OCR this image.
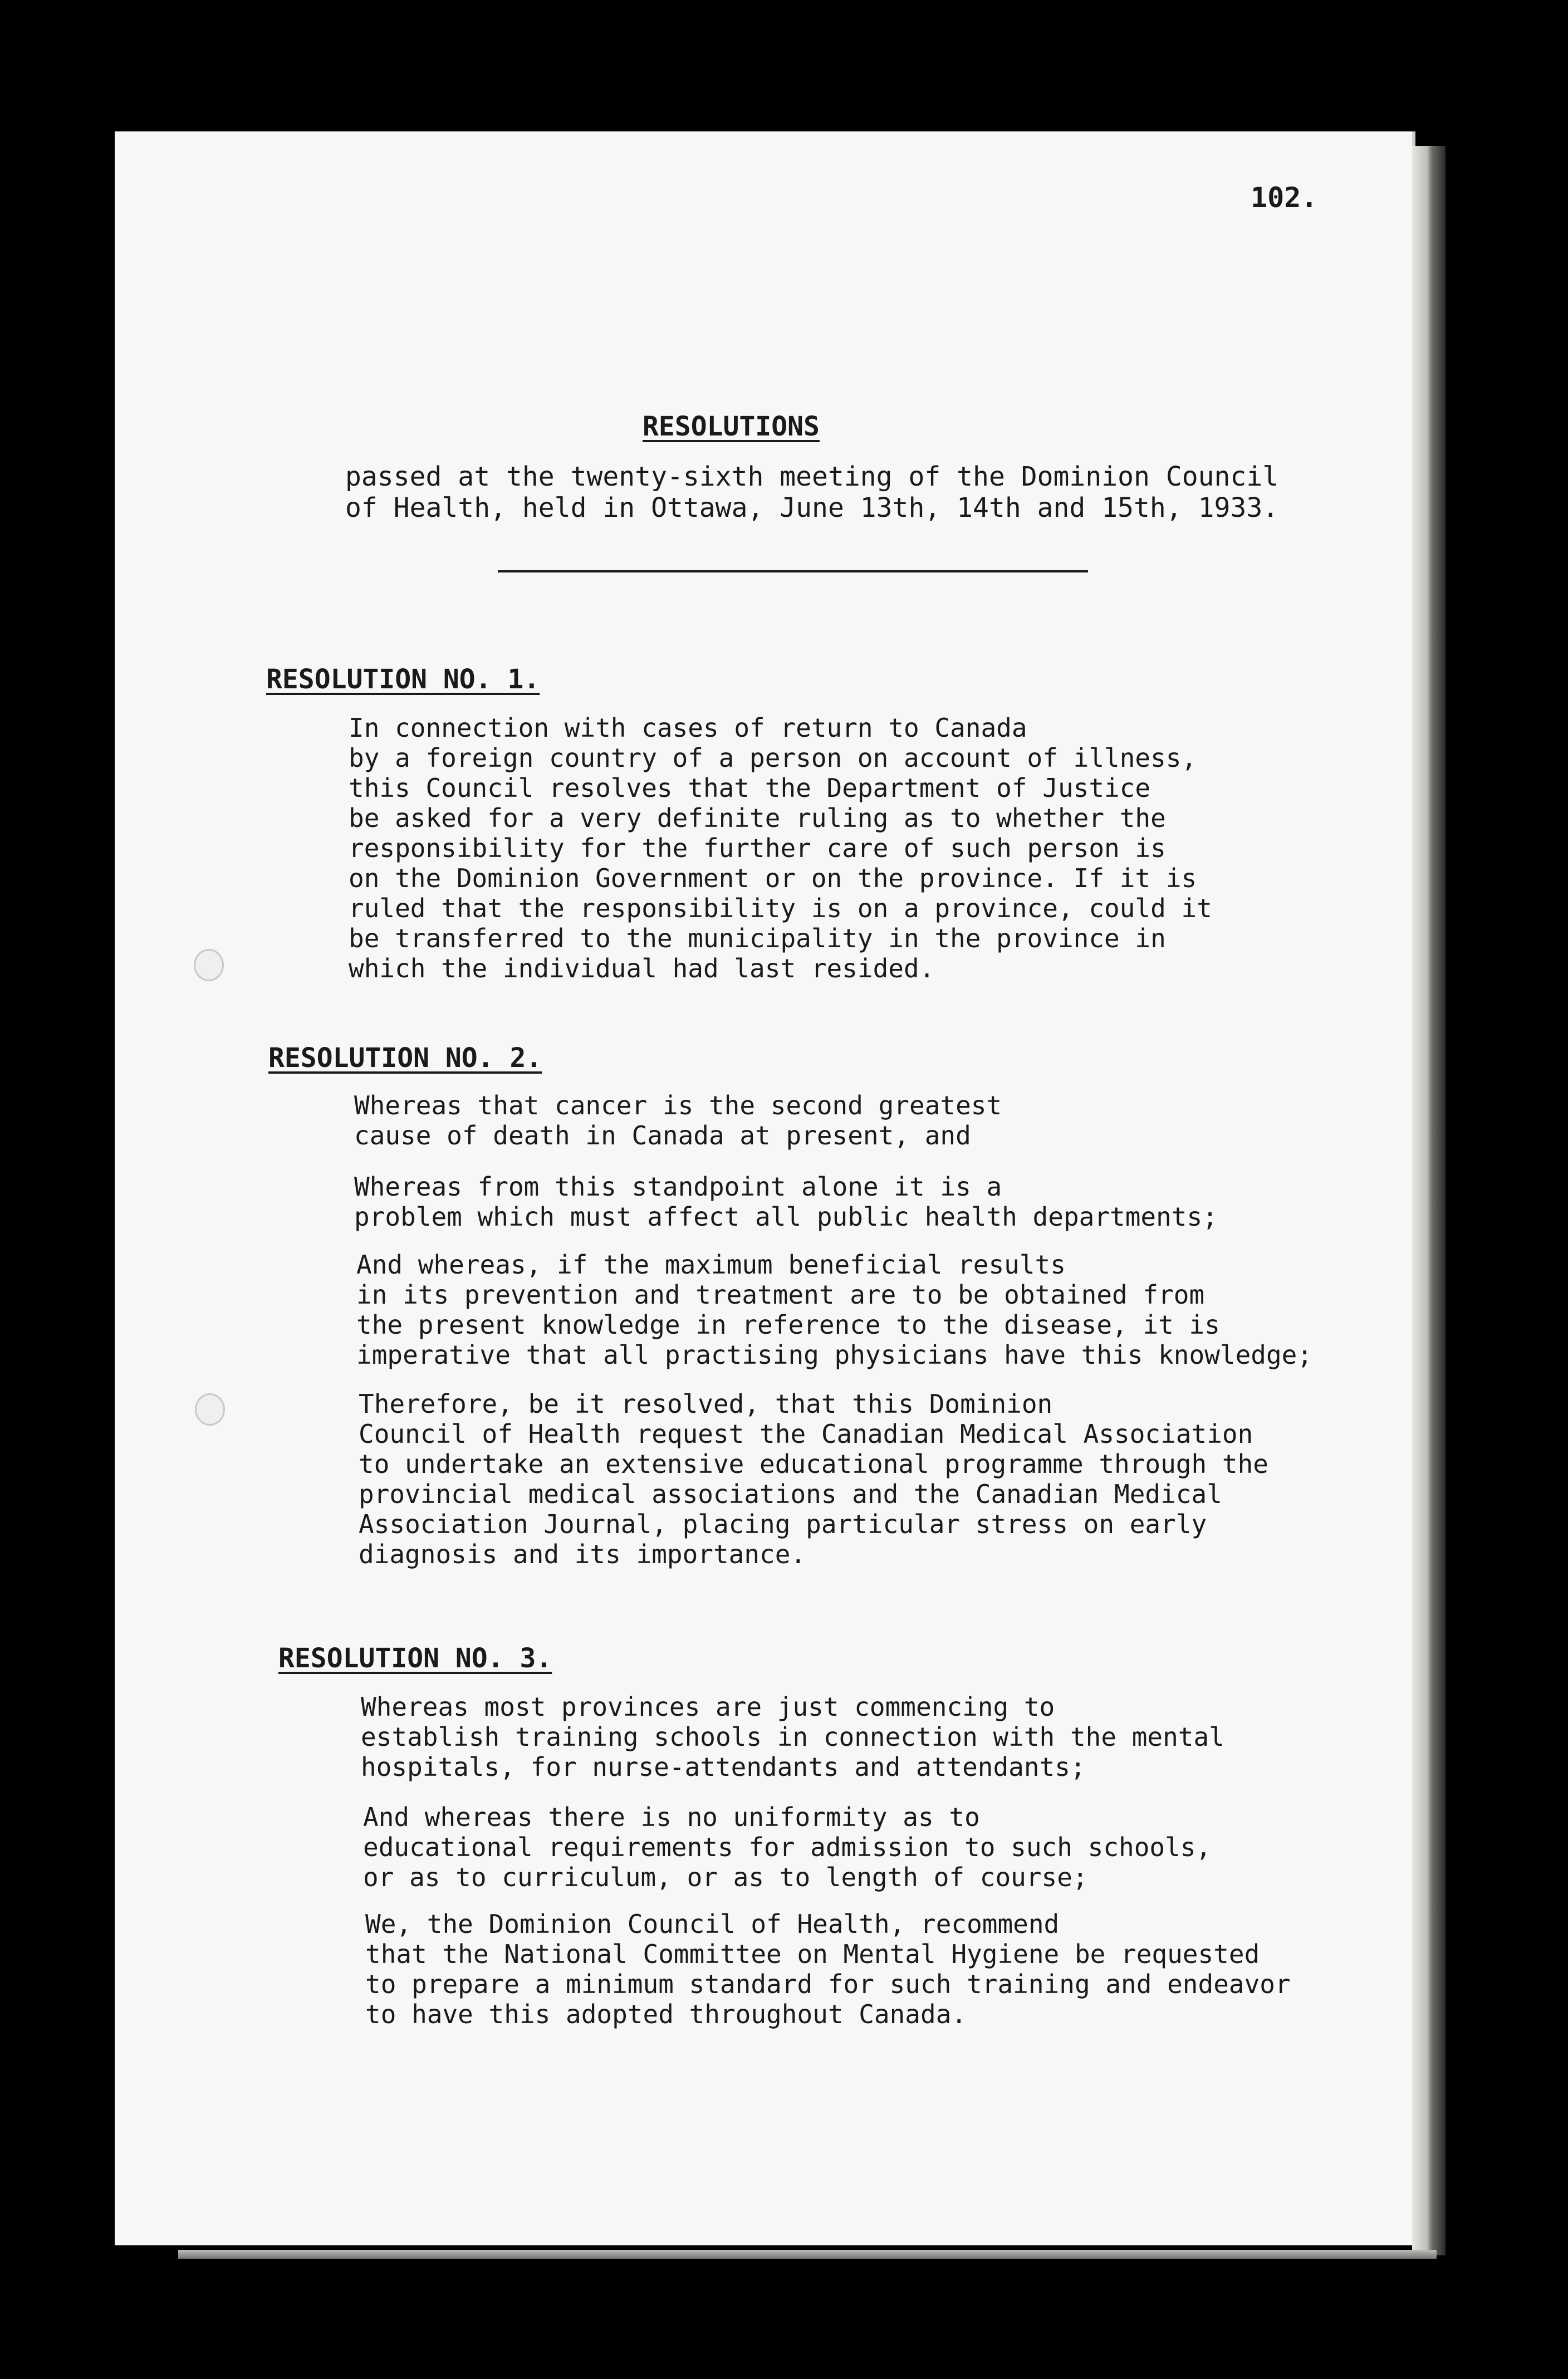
102.
RESOLUTIONS
passed at the twenty-sixth meeting of the Dominion Council
of Health, held in Ottawa, June 13th, 14th and 15th, 1933.
RESOLUTION NO. 1.
In connection with cases of return to Canada
by a foreign country of a person on account of illness,
this Council resolves that the Department of Justice
be asked for a very definite ruling as to whether the
responsibility for the further care of such person is
on the Dominion Government or on the province. If it is
ruled that the responsibility is on a province, could it
be transferred to the municipality in the province in
which the individual had last resided.
RESOLUTION NO. 2.
Whereas that cancer is the second greatest
cause of death in Canada at present, and
Whereas from this standpoint alone it is a
problem which must affect all public health departments;
And whereas, if the maximum beneficial results
in its prevention and treatment are to be obtained from
the present knowledge in reference to the disease, it is
imperative that all practising physicians have this knowledge;
Therefore, be it resolved, that this Dominion
Council of Health request the Canadian Medical Association
to undertake an extensive educational programme through the
provincial medical associations and the Canadian Medical
Association Journal, placing particular stress on early
diagnosis and its importance.
RESOLUTION NO. 3.
Whereas most provinces are just commencing to
establish training schools in connection with the mental
hospitals, for nurse-attendants and attendants;
And whereas there is no uniformity as to
educational requirements for admission to such schools,
or as to curriculum, or as to length of course;
We, the Dominion Council of Health, recommend
that the National Committee on Mental Hygiene be requested
to prepare a minimum standard for such training and endeavor
to have this adopted throughout Canada.
